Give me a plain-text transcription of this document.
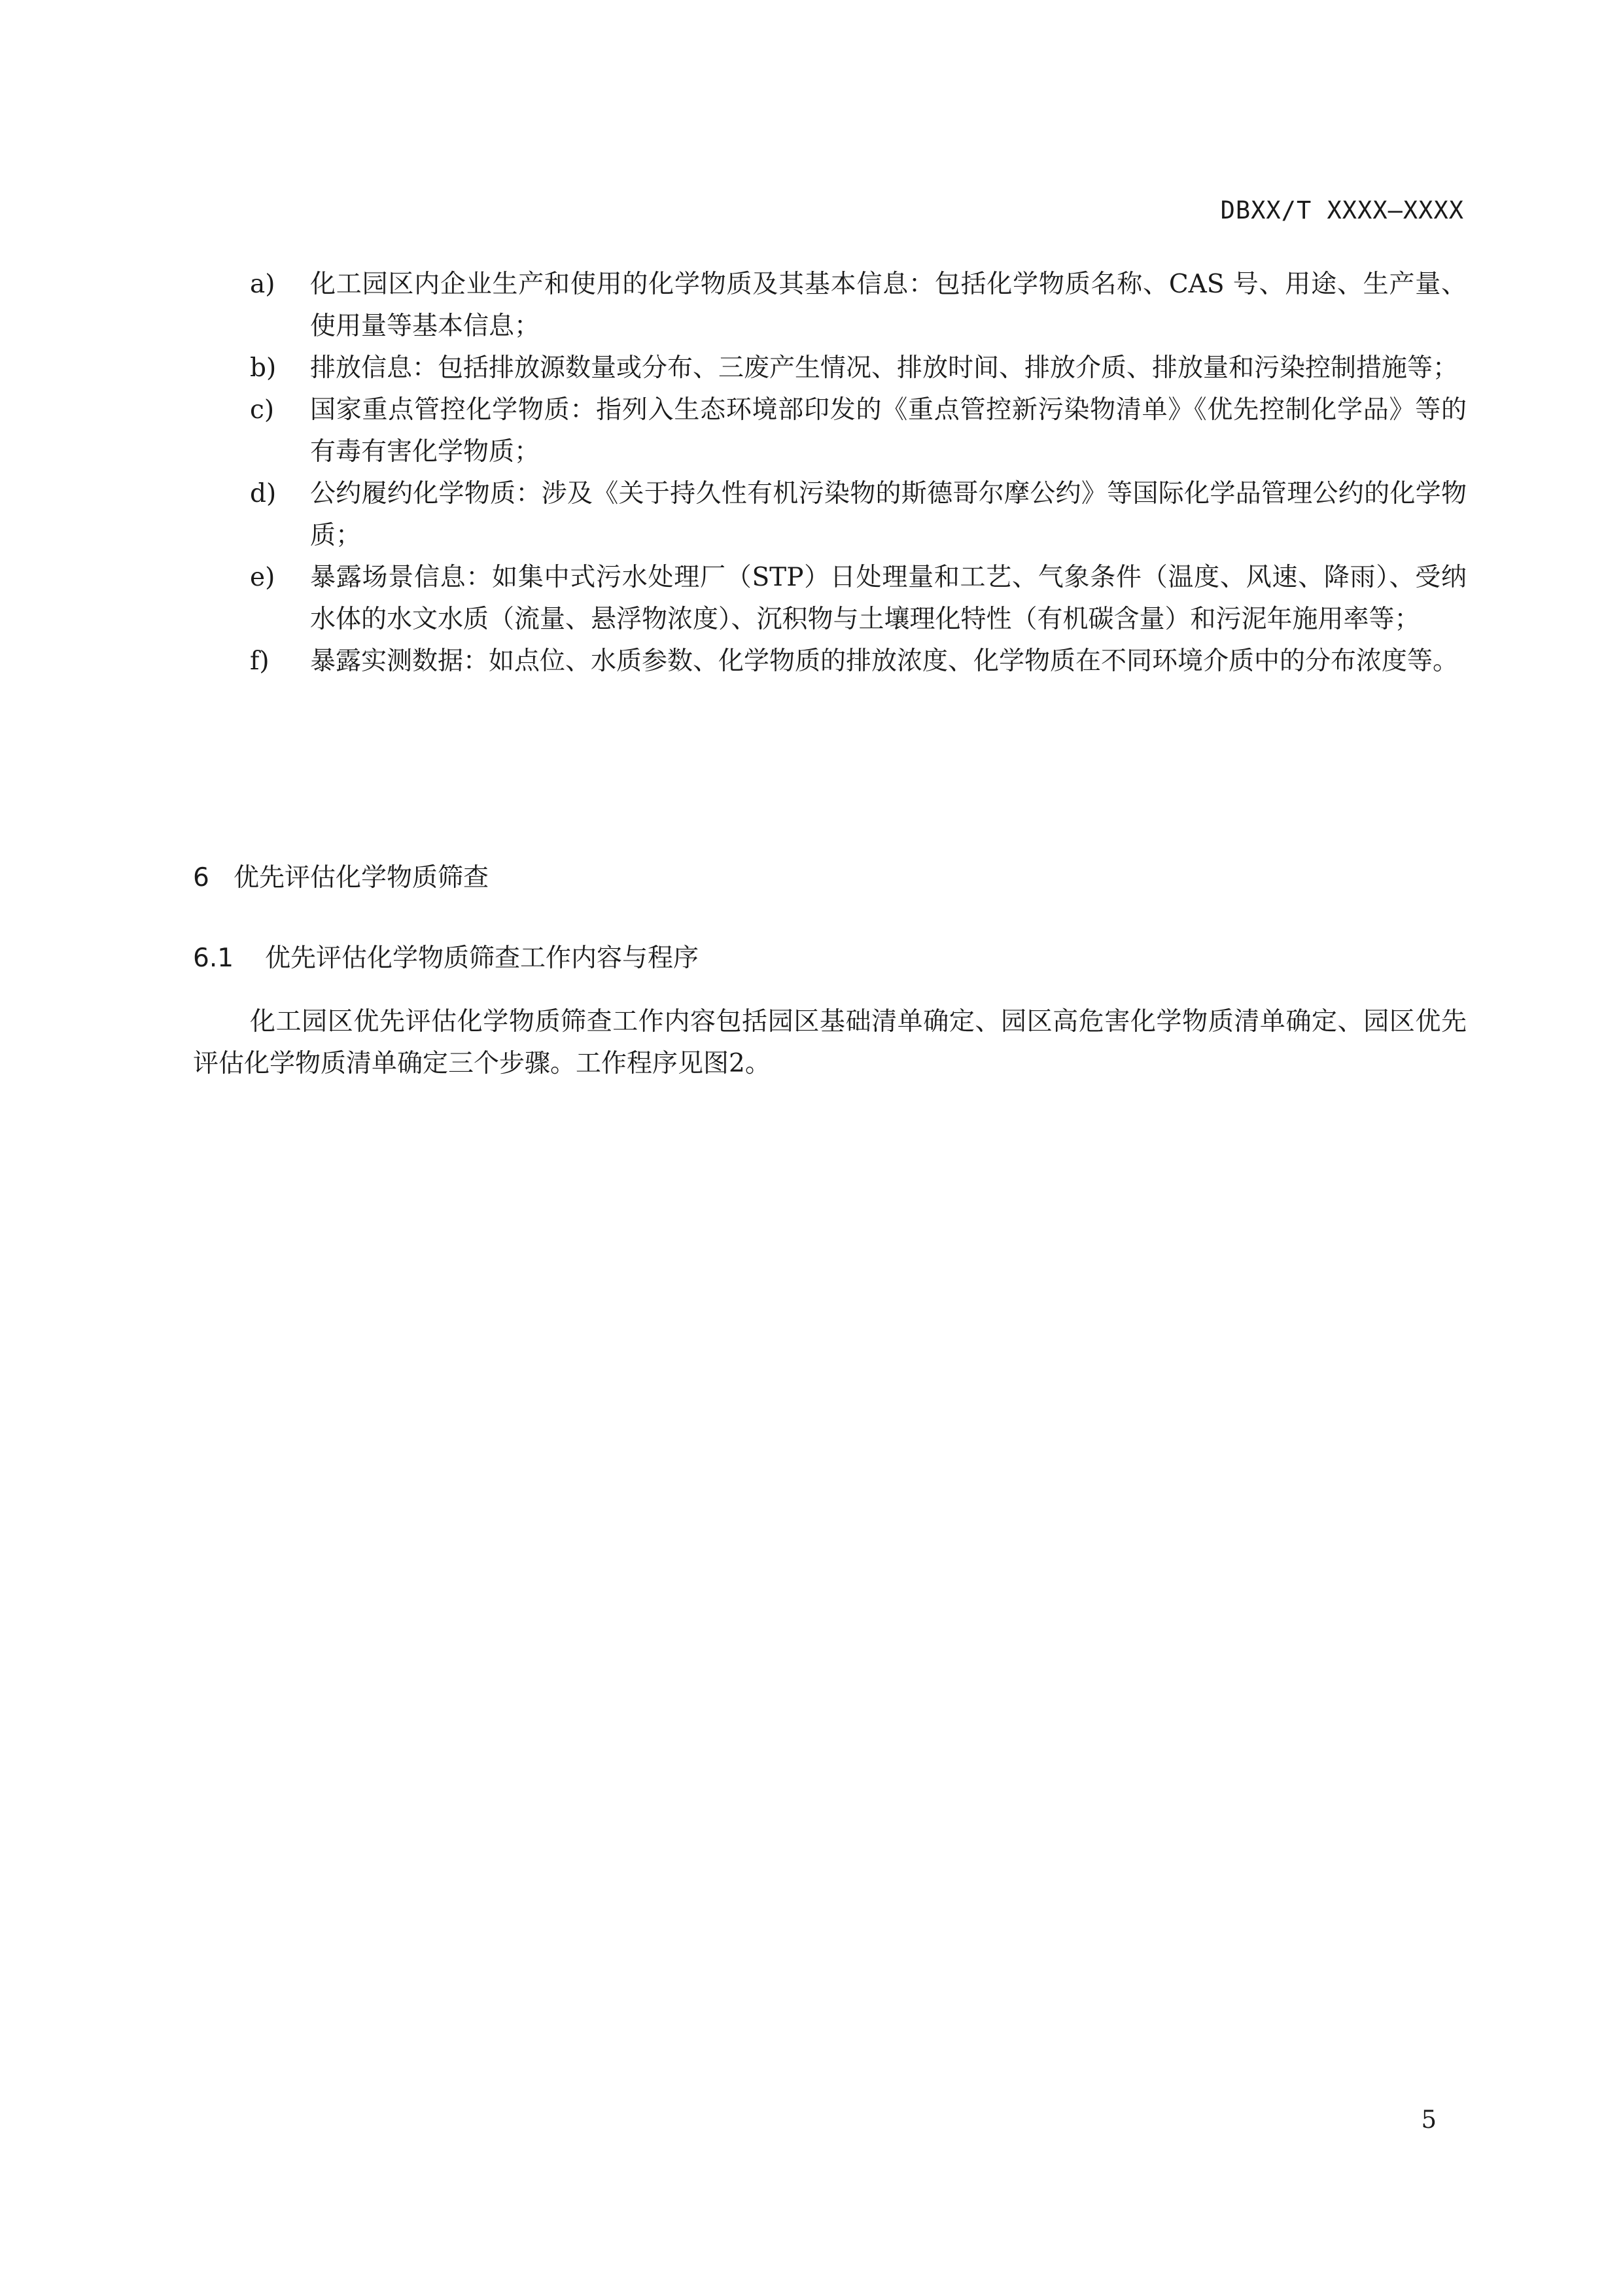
DBXX/T XXXX—XXXX
a) 化工园区内企业生产和使用的化学物质及其基本信息：包括化学物质名称、CAS 号、用途、生产量、使用量等基本信息；
b) 排放信息：包括排放源数量或分布、三废产生情况、排放时间、排放介质、排放量和污染控制措施等；
c) 国家重点管控化学物质：指列入生态环境部印发的《重点管控新污染物清单》《优先控制化学品》等的有毒有害化学物质；
d) 公约履约化学物质：涉及《关于持久性有机污染物的斯德哥尔摩公约》等国际化学品管理公约的化学物质；
e) 暴露场景信息：如集中式污水处理厂（STP）日处理量和工艺、气象条件（温度、风速、降雨）、受纳水体的水文水质（流量、悬浮物浓度）、沉积物与土壤理化特性（有机碳含量）和污泥年施用率等；
f) 暴露实测数据：如点位、水质参数、化学物质的排放浓度、化学物质在不同环境介质中的分布浓度等。
6 优先评估化学物质筛查
6.1 优先评估化学物质筛查工作内容与程序
化工园区优先评估化学物质筛查工作内容包括园区基础清单确定、园区高危害化学物质清单确定、园区优先评估化学物质清单确定三个步骤。工作程序见图2。
5
